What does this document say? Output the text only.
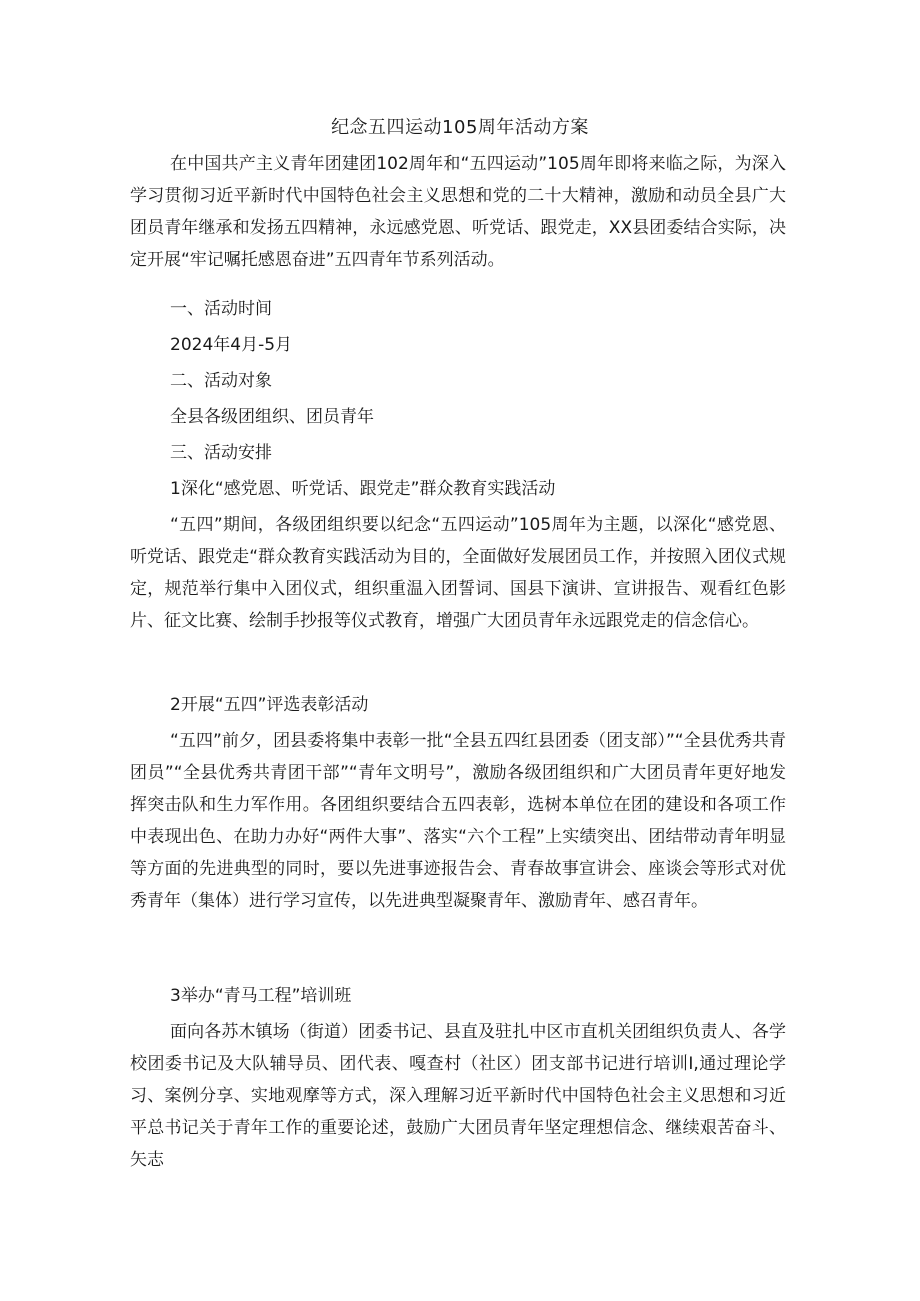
纪念五四运动105周年活动方案

在中国共产主义青年团建团102周年和“五四运动”105周年即将来临之际，为深入学习贯彻习近平新时代中国特色社会主义思想和党的二十大精神，激励和动员全县广大团员青年继承和发扬五四精神，永远感党恩、听党话、跟党走，XX县团委结合实际，决定开展“牢记嘱托感恩奋进”五四青年节系列活动。

一、活动时间
2024年4月-5月
二、活动对象
全县各级团组织、团员青年
三、活动安排
1深化“感党恩、听党话、跟党走”群众教育实践活动

“五四”期间，各级团组织要以纪念“五四运动”105周年为主题，以深化“感党恩、听党话、跟党走“群众教育实践活动为目的，全面做好发展团员工作，并按照入团仪式规定，规范举行集中入团仪式，组织重温入团誓词、国县下演讲、宣讲报告、观看红色影片、征文比赛、绘制手抄报等仪式教育，增强广大团员青年永远跟党走的信念信心。

2开展“五四”评选表彰活动

“五四”前夕，团县委将集中表彰一批“全县五四红县团委（团支部）”“全县优秀共青团员”“全县优秀共青团干部”“青年文明号”，激励各级团组织和广大团员青年更好地发挥突击队和生力军作用。各团组织要结合五四表彰，选树本单位在团的建设和各项工作中表现出色、在助力办好“两件大事”、落实“六个工程”上实绩突出、团结带动青年明显等方面的先进典型的同时，要以先进事迹报告会、青春故事宣讲会、座谈会等形式对优秀青年（集体）进行学习宣传，以先进典型凝聚青年、激励青年、感召青年。

3举办“青马工程”培训班

面向各苏木镇场（街道）团委书记、县直及驻扎中区市直机关团组织负责人、各学校团委书记及大队辅导员、团代表、嘎查村（社区）团支部书记进行培训I,通过理论学习、案例分享、实地观摩等方式，深入理解习近平新时代中国特色社会主义思想和习近平总书记关于青年工作的重要论述，鼓励广大团员青年坚定理想信念、继续艰苦奋斗、矢志
